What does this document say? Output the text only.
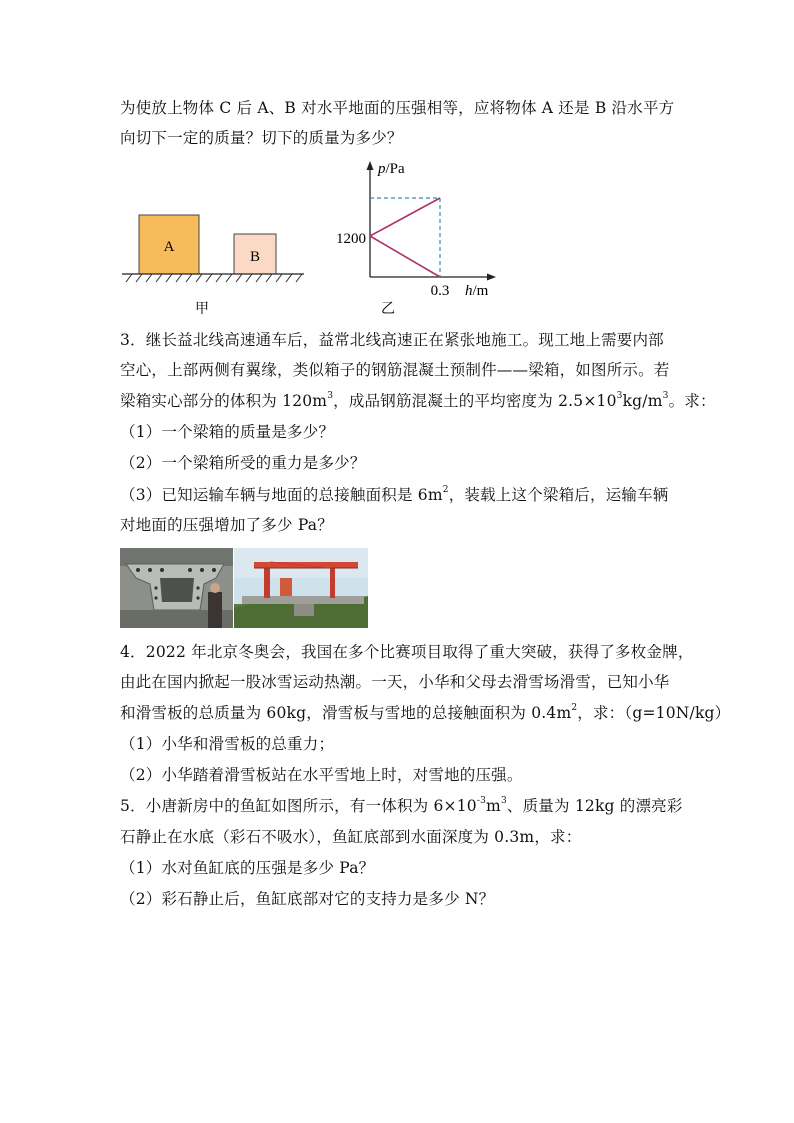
为使放上物体 C 后 A、B 对水平地面的压强相等，应将物体 A 还是 B 沿水平方
向切下一定的质量？切下的质量为多少？
A
B
甲
p/Pa
h/m
1200
0.3
乙
3．继长益北线高速通车后，益常北线高速正在紧张地施工。现工地上需要内部
空心，上部两侧有翼缘，类似箱子的钢筋混凝土预制件——梁箱，如图所示。若
梁箱实心部分的体积为 $120m^3$，成品钢筋混凝土的平均密度为 $2.5\times 10^3kg/m^3$。求：
（1）一个梁箱的质量是多少？
（2）一个梁箱所受的重力是多少？
（3）已知运输车辆与地面的总接触面积是 $6m^2$，装载上这个梁箱后，运输车辆
对地面的压强增加了多少 Pa？
4．2022 年北京冬奥会，我国在多个比赛项目取得了重大突破，获得了多枚金牌，
由此在国内掀起一股冰雪运动热潮。一天，小华和父母去滑雪场滑雪，已知小华
和滑雪板的总质量为 60kg，滑雪板与雪地的总接触面积为 $0.4m^2$，求：（g=10N/kg）
（1）小华和滑雪板的总重力；
（2）小华踏着滑雪板站在水平雪地上时，对雪地的压强。
5．小唐新房中的鱼缸如图所示，有一体积为 $6\times 10^{-3}m^3$、质量为 12kg 的漂亮彩
石静止在水底（彩石不吸水），鱼缸底部到水面深度为 0.3m，求：
（1）水对鱼缸底的压强是多少 Pa？
（2）彩石静止后，鱼缸底部对它的支持力是多少 N？
